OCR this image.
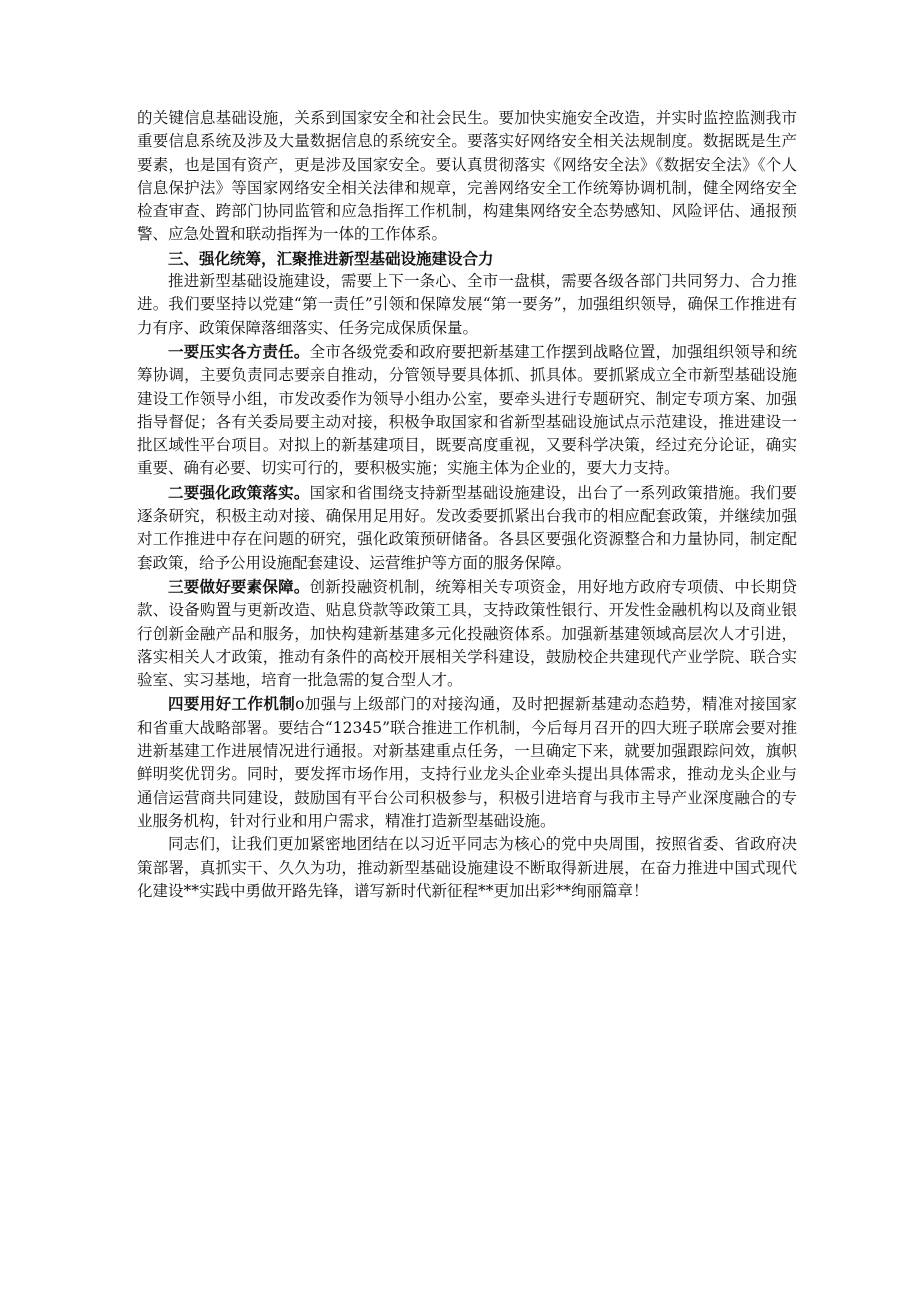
的关键信息基础设施，关系到国家安全和社会民生。要加快实施安全改造，并实时监控监测我市重要信息系统及涉及大量数据信息的系统安全。要落实好网络安全相关法规制度。数据既是生产要素，也是国有资产，更是涉及国家安全。要认真贯彻落实《网络安全法》《数据安全法》《个人信息保护法》等国家网络安全相关法律和规章，完善网络安全工作统筹协调机制，健全网络安全检查审查、跨部门协同监管和应急指挥工作机制，构建集网络安全态势感知、风险评估、通报预警、应急处置和联动指挥为一体的工作体系。

三、强化统筹，汇聚推进新型基础设施建设合力

推进新型基础设施建设，需要上下一条心、全市一盘棋，需要各级各部门共同努力、合力推进。我们要坚持以党建“第一责任”引领和保障发展“第一要务”，加强组织领导，确保工作推进有力有序、政策保障落细落实、任务完成保质保量。

一要压实各方责任。全市各级党委和政府要把新基建工作摆到战略位置，加强组织领导和统筹协调，主要负责同志要亲自推动，分管领导要具体抓、抓具体。要抓紧成立全市新型基础设施建设工作领导小组，市发改委作为领导小组办公室，要牵头进行专题研究、制定专项方案、加强指导督促；各有关委局要主动对接，积极争取国家和省新型基础设施试点示范建设，推进建设一批区域性平台项目。对拟上的新基建项目，既要高度重视，又要科学决策，经过充分论证，确实重要、确有必要、切实可行的，要积极实施；实施主体为企业的，要大力支持。

二要强化政策落实。国家和省围绕支持新型基础设施建设，出台了一系列政策措施。我们要逐条研究，积极主动对接、确保用足用好。发改委要抓紧出台我市的相应配套政策，并继续加强对工作推进中存在问题的研究，强化政策预研储备。各县区要强化资源整合和力量协同，制定配套政策，给予公用设施配套建设、运营维护等方面的服务保障。

三要做好要素保障。创新投融资机制，统筹相关专项资金，用好地方政府专项债、中长期贷款、设备购置与更新改造、贴息贷款等政策工具，支持政策性银行、开发性金融机构以及商业银行创新金融产品和服务，加快构建新基建多元化投融资体系。加强新基建领域高层次人才引进，落实相关人才政策，推动有条件的高校开展相关学科建设，鼓励校企共建现代产业学院、联合实验室、实习基地，培育一批急需的复合型人才。

四要用好工作机制o加强与上级部门的对接沟通，及时把握新基建动态趋势，精准对接国家和省重大战略部署。要结合“12345”联合推进工作机制，今后每月召开的四大班子联席会要对推进新基建工作进展情况进行通报。对新基建重点任务，一旦确定下来，就要加强跟踪问效，旗帜鲜明奖优罚劣。同时，要发挥市场作用，支持行业龙头企业牵头提出具体需求，推动龙头企业与通信运营商共同建设，鼓励国有平台公司积极参与，积极引进培育与我市主导产业深度融合的专业服务机构，针对行业和用户需求，精准打造新型基础设施。

同志们，让我们更加紧密地团结在以习近平同志为核心的党中央周围，按照省委、省政府决策部署，真抓实干、久久为功，推动新型基础设施建设不断取得新进展，在奋力推进中国式现代化建设**实践中勇做开路先锋，谱写新时代新征程**更加出彩**绚丽篇章！
